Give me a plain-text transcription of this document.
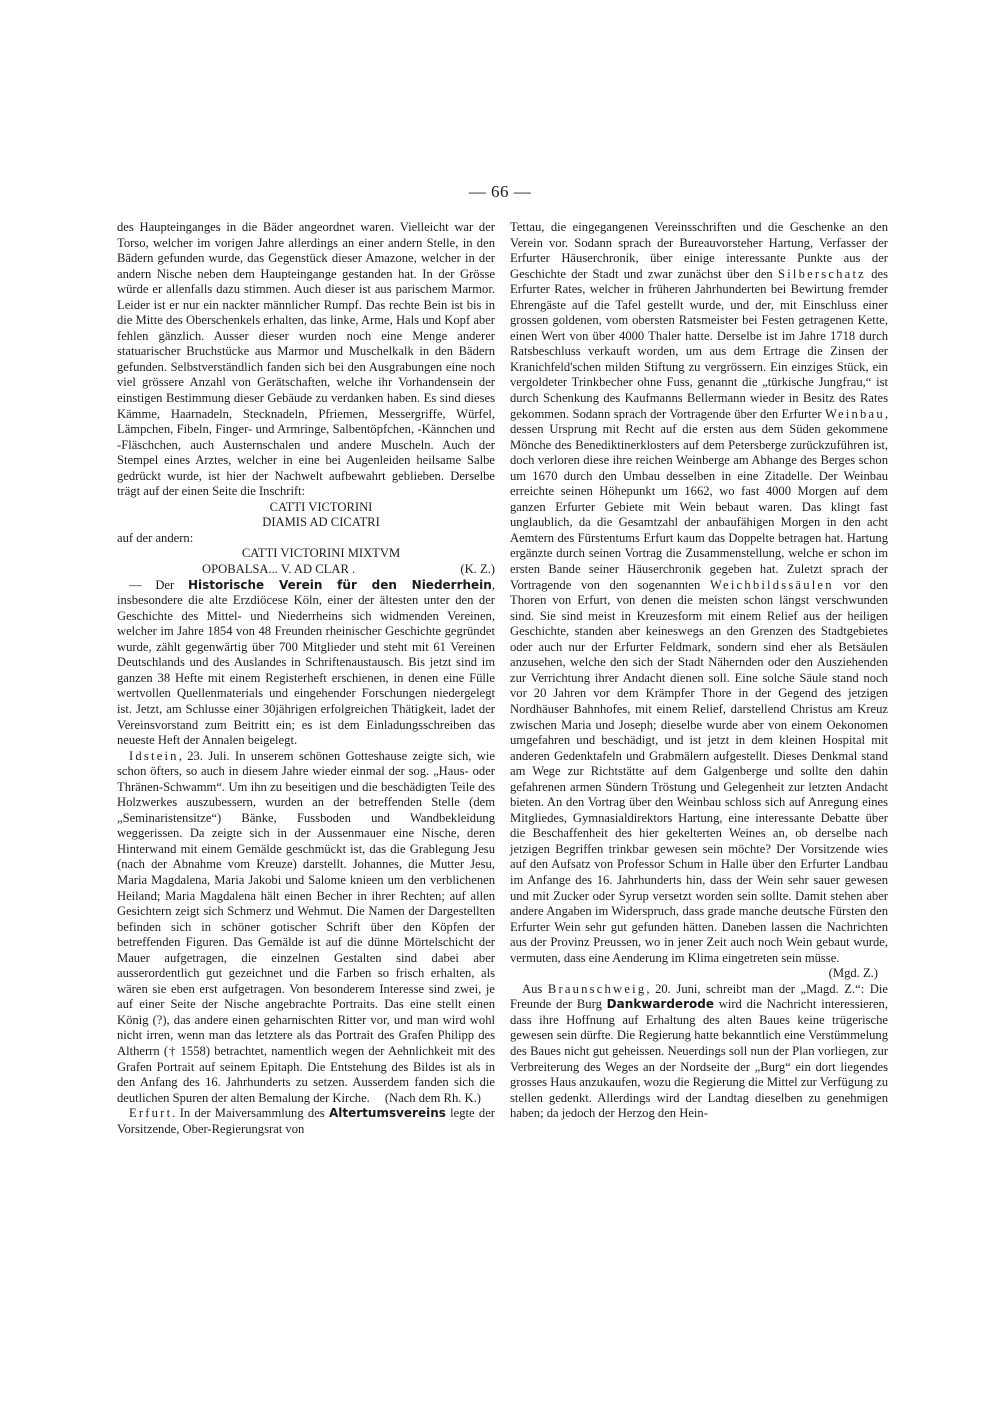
— 66 —

des Haupteinganges in die Bäder angeordnet waren. Vielleicht war der Torso, welcher im vorigen Jahre allerdings an einer andern Stelle, in den Bädern gefunden wurde, das Gegenstück dieser Amazone, welcher in der andern Nische neben dem Haupteingange gestanden hat. In der Grösse würde er allenfalls dazu stimmen. Auch dieser ist aus parischem Marmor. Leider ist er nur ein nackter männlicher Rumpf. Das rechte Bein ist bis in die Mitte des Oberschenkels erhalten, das linke, Arme, Hals und Kopf aber fehlen gänzlich. Ausser dieser wurden noch eine Menge anderer statuarischer Bruchstücke aus Marmor und Muschelkalk in den Bädern gefunden. Selbstverständlich fanden sich bei den Ausgrabungen eine noch viel grössere Anzahl von Gerätschaften, welche ihr Vorhandensein der einstigen Bestimmung dieser Gebäude zu verdanken haben. Es sind dieses Kämme, Haarnadeln, Stecknadeln, Pfriemen, Messergriffe, Würfel, Lämpchen, Fibeln, Finger- und Armringe, Salbentöpfchen, -Kännchen und -Fläschchen, auch Austernschalen und andere Muscheln. Auch der Stempel eines Arztes, welcher in eine bei Augenleiden heilsame Salbe gedrückt wurde, ist hier der Nachwelt aufbewahrt geblieben. Derselbe trägt auf der einen Seite die Inschrift:

CATTI VICTORINI

DIAMIS AD CICATRI

auf der andern:

CATTI VICTORINI MIXTVM

OPOBALSA... V. AD CLAR .	(K. Z.)

— Der Historische Verein für den Niederrhein, insbesondere die alte Erzdiöcese Köln, einer der ältesten unter den der Geschichte des Mittel- und Niederrheins sich widmenden Vereinen, welcher im Jahre 1854 von 48 Freunden rheinischer Geschichte gegründet wurde, zählt gegenwärtig über 700 Mitglieder und steht mit 61 Vereinen Deutschlands und des Auslandes in Schriftenaustausch. Bis jetzt sind im ganzen 38 Hefte mit einem Registerheft erschienen, in denen eine Fülle wertvollen Quellenmaterials und eingehender Forschungen niedergelegt ist. Jetzt, am Schlusse einer 30jährigen erfolgreichen Thätigkeit, ladet der Vereinsvorstand zum Beitritt ein; es ist dem Einladungsschreiben das neueste Heft der Annalen beigelegt.

Idstein, 23. Juli. In unserem schönen Gotteshause zeigte sich, wie schon öfters, so auch in diesem Jahre wieder einmal der sog. „Haus- oder Thränen-Schwamm“. Um ihn zu beseitigen und die beschädigten Teile des Holzwerkes auszubessern, wurden an der betreffenden Stelle (dem „Seminaristensitze“) Bänke, Fussboden und Wandbekleidung weggerissen. Da zeigte sich in der Aussenmauer eine Nische, deren Hinterwand mit einem Gemälde geschmückt ist, das die Grablegung Jesu (nach der Abnahme vom Kreuze) darstellt. Johannes, die Mutter Jesu, Maria Magdalena, Maria Jakobi und Salome knieen um den verblichenen Heiland; Maria Magdalena hält einen Becher in ihrer Rechten; auf allen Gesichtern zeigt sich Schmerz und Wehmut. Die Namen der Dargestellten befinden sich in schöner gotischer Schrift über den Köpfen der betreffenden Figuren. Das Gemälde ist auf die dünne Mörtelschicht der Mauer aufgetragen, die einzelnen Gestalten sind dabei aber ausserordentlich gut gezeichnet und die Farben so frisch erhalten, als wären sie eben erst aufgetragen. Von besonderem Interesse sind zwei, je auf einer Seite der Nische angebrachte Portraits. Das eine stellt einen König (?), das andere einen geharnischten Ritter vor, und man wird wohl nicht irren, wenn man das letztere als das Portrait des Grafen Philipp des Altherrn († 1558) betrachtet, namentlich wegen der Aehnlichkeit mit des Grafen Portrait auf seinem Epitaph. Die Entstehung des Bildes ist als in den Anfang des 16. Jahrhunderts zu setzen. Ausserdem fanden sich die deutlichen Spuren der alten Bemalung der Kirche.	(Nach dem Rh. K.)

Erfurt. In der Maiversammlung des Altertumsvereins legte der Vorsitzende, Ober-Regierungsrat von

Tettau, die eingegangenen Vereinsschriften und die Geschenke an den Verein vor. Sodann sprach der Bureauvorsteher Hartung, Verfasser der Erfurter Häuserchronik, über einige interessante Punkte aus der Geschichte der Stadt und zwar zunächst über den Silberschatz des Erfurter Rates, welcher in früheren Jahrhunderten bei Bewirtung fremder Ehrengäste auf die Tafel gestellt wurde, und der, mit Einschluss einer grossen goldenen, vom obersten Ratsmeister bei Festen getragenen Kette, einen Wert von über 4000 Thaler hatte. Derselbe ist im Jahre 1718 durch Ratsbeschluss verkauft worden, um aus dem Ertrage die Zinsen der Kranichfeld'schen milden Stiftung zu vergrössern. Ein einziges Stück, ein vergoldeter Trinkbecher ohne Fuss, genannt die „türkische Jungfrau,“ ist durch Schenkung des Kaufmanns Bellermann wieder in Besitz des Rates gekommen. Sodann sprach der Vortragende über den Erfurter Weinbau, dessen Ursprung mit Recht auf die ersten aus dem Süden gekommene Mönche des Benediktinerklosters auf dem Petersberge zurückzuführen ist, doch verloren diese ihre reichen Weinberge am Abhange des Berges schon um 1670 durch den Umbau desselben in eine Zitadelle. Der Weinbau erreichte seinen Höhepunkt um 1662, wo fast 4000 Morgen auf dem ganzen Erfurter Gebiete mit Wein bebaut waren. Das klingt fast unglaublich, da die Gesamtzahl der anbaufähigen Morgen in den acht Aemtern des Fürstentums Erfurt kaum das Doppelte betragen hat. Hartung ergänzte durch seinen Vortrag die Zusammenstellung, welche er schon im ersten Bande seiner Häuserchronik gegeben hat. Zuletzt sprach der Vortragende von den sogenannten Weichbildssäulen vor den Thoren von Erfurt, von denen die meisten schon längst verschwunden sind. Sie sind meist in Kreuzesform mit einem Relief aus der heiligen Geschichte, standen aber keineswegs an den Grenzen des Stadtgebietes oder auch nur der Erfurter Feldmark, sondern sind eher als Betsäulen anzusehen, welche den sich der Stadt Nähernden oder den Ausziehenden zur Verrichtung ihrer Andacht dienen soll. Eine solche Säule stand noch vor 20 Jahren vor dem Krämpfer Thore in der Gegend des jetzigen Nordhäuser Bahnhofes, mit einem Relief, darstellend Christus am Kreuz zwischen Maria und Joseph; dieselbe wurde aber von einem Oekonomen umgefahren und beschädigt, und ist jetzt in dem kleinen Hospital mit anderen Gedenktafeln und Grabmälern aufgestellt. Dieses Denkmal stand am Wege zur Richtstätte auf dem Galgenberge und sollte den dahin gefahrenen armen Sündern Tröstung und Gelegenheit zur letzten Andacht bieten. An den Vortrag über den Weinbau schloss sich auf Anregung eines Mitgliedes, Gymnasialdirektors Hartung, eine interessante Debatte über die Beschaffenheit des hier gekelterten Weines an, ob derselbe nach jetzigen Begriffen trinkbar gewesen sein möchte? Der Vorsitzende wies auf den Aufsatz von Professor Schum in Halle über den Erfurter Landbau im Anfange des 16. Jahrhunderts hin, dass der Wein sehr sauer gewesen und mit Zucker oder Syrup versetzt worden sein sollte. Damit stehen aber andere Angaben im Widerspruch, dass grade manche deutsche Fürsten den Erfurter Wein sehr gut gefunden hätten. Daneben lassen die Nachrichten aus der Provinz Preussen, wo in jener Zeit auch noch Wein gebaut wurde, vermuten, dass eine Aenderung im Klima eingetreten sein müsse.
(Mgd. Z.)

Aus Braunschweig, 20. Juni, schreibt man der „Magd. Z.“: Die Freunde der Burg Dankwarderode wird die Nachricht interessieren, dass ihre Hoffnung auf Erhaltung des alten Baues keine trügerische gewesen sein dürfte. Die Regierung hatte bekanntlich eine Verstümmelung des Baues nicht gut geheissen. Neuerdings soll nun der Plan vorliegen, zur Verbreiterung des Weges an der Nordseite der „Burg“ ein dort liegendes grosses Haus anzukaufen, wozu die Regierung die Mittel zur Verfügung zu stellen gedenkt. Allerdings wird der Landtag dieselben zu genehmigen haben; da jedoch der Herzog den Hein-
